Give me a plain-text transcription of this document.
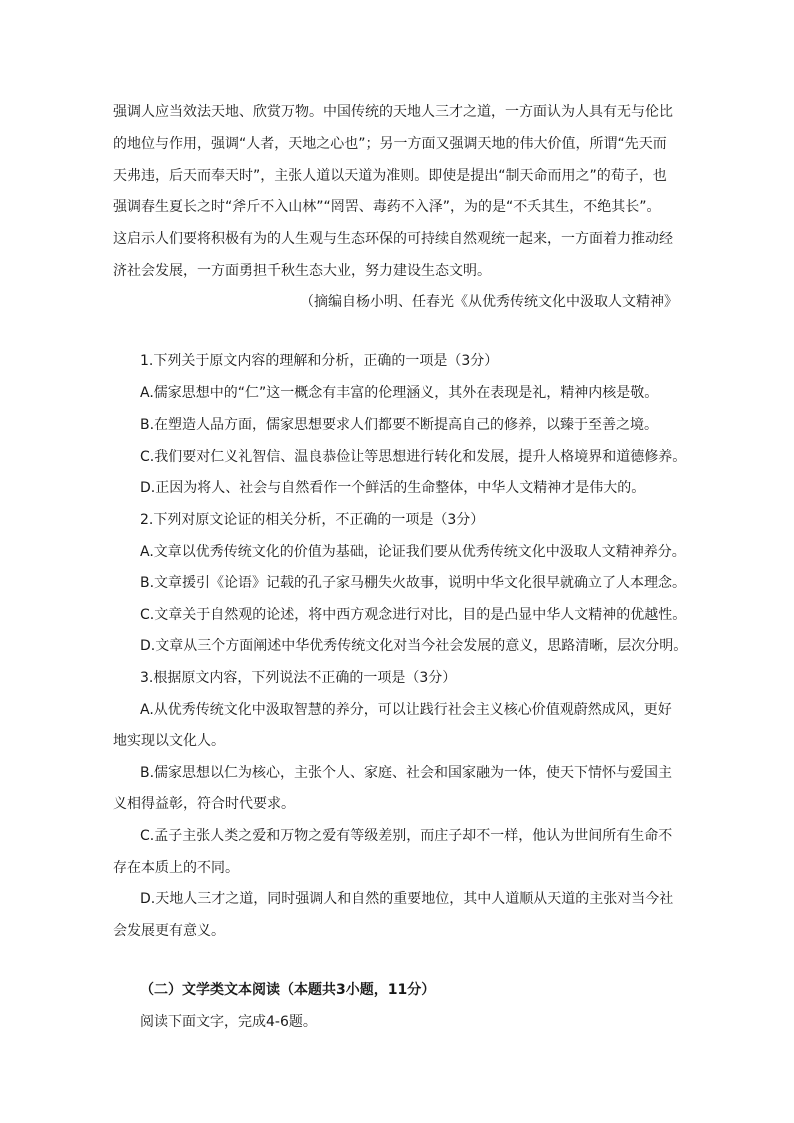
强调人应当效法天地、欣赏万物。中国传统的天地人三才之道，一方面认为人具有无与伦比
的地位与作用，强调“人者，天地之心也”；另一方面又强调天地的伟大价值，所谓“先天而
天弗违，后天而奉天时”，主张人道以天道为准则。即使是提出“制天命而用之”的荀子，也
强调春生夏长之时“斧斤不入山林”“罔罟、毒药不入泽”，为的是“不夭其生，不绝其长”。
这启示人们要将积极有为的人生观与生态环保的可持续自然观统一起来，一方面着力推动经
济社会发展，一方面勇担千秋生态大业，努力建设生态文明。
（摘编自杨小明、任春光《从优秀传统文化中汲取人文精神》
1.下列关于原文内容的理解和分析，正确的一项是（3分）
A.儒家思想中的“仁”这一概念有丰富的伦理涵义，其外在表现是礼，精神内核是敬。
B.在塑造人品方面，儒家思想要求人们都要不断提高自己的修养，以臻于至善之境。
C.我们要对仁义礼智信、温良恭俭让等思想进行转化和发展，提升人格境界和道德修养。
D.正因为将人、社会与自然看作一个鲜活的生命整体，中华人文精神才是伟大的。
2.下列对原文论证的相关分析，不正确的一项是（3分）
A.文章以优秀传统文化的价值为基础，论证我们要从优秀传统文化中汲取人文精神养分。
B.文章援引《论语》记载的孔子家马棚失火故事，说明中华文化很早就确立了人本理念。
C.文章关于自然观的论述，将中西方观念进行对比，目的是凸显中华人文精神的优越性。
D.文章从三个方面阐述中华优秀传统文化对当今社会发展的意义，思路清晰，层次分明。
3.根据原文内容，下列说法不正确的一项是（3分）
A.从优秀传统文化中汲取智慧的养分，可以让践行社会主义核心价值观蔚然成风，更好
地实现以文化人。
B.儒家思想以仁为核心，主张个人、家庭、社会和国家融为一体，使天下情怀与爱国主
义相得益彰，符合时代要求。
C.孟子主张人类之爱和万物之爱有等级差别，而庄子却不一样，他认为世间所有生命不
存在本质上的不同。
D.天地人三才之道，同时强调人和自然的重要地位，其中人道顺从天道的主张对当今社
会发展更有意义。
（二）文学类文本阅读（本题共3小题，11分）
阅读下面文字，完成4-6题。
